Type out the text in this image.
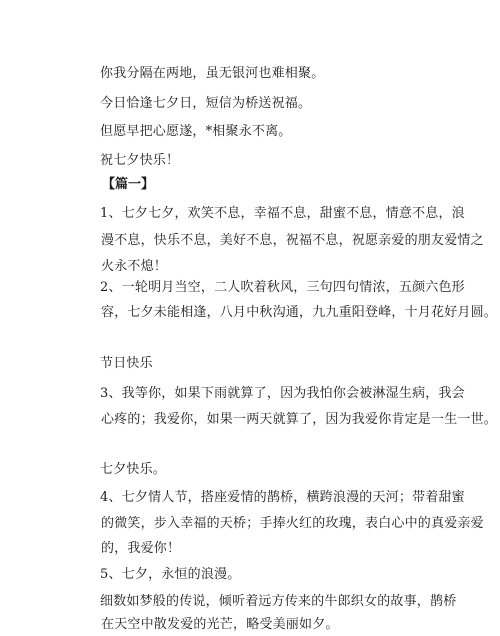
你我分隔在两地，虽无银河也难相聚。
今日恰逢七夕日，短信为桥送祝福。
但愿早把心愿遂，*相聚永不离。
祝七夕快乐！
【篇一】
1、七夕七夕，欢笑不息，幸福不息，甜蜜不息，情意不息，浪
漫不息，快乐不息，美好不息，祝福不息，祝愿亲爱的朋友爱情之
火永不熄！
2、一轮明月当空，二人吹着秋风，三句四句情浓，五颜六色形
容，七夕未能相逢，八月中秋沟通，九九重阳登峰，十月花好月圆。
节日快乐
3、我等你，如果下雨就算了，因为我怕你会被淋湿生病，我会
心疼的；我爱你，如果一两天就算了，因为我爱你肯定是一生一世。
七夕快乐。
4、七夕情人节，搭座爱情的鹊桥，横跨浪漫的天河；带着甜蜜
的微笑，步入幸福的天桥；手捧火红的玫瑰，表白心中的真爱亲爱
的，我爱你！
5、七夕，永恒的浪漫。
细数如梦般的传说，倾听着远方传来的牛郎织女的故事，鹊桥
在天空中散发爱的光芒，略受美丽如夕。
